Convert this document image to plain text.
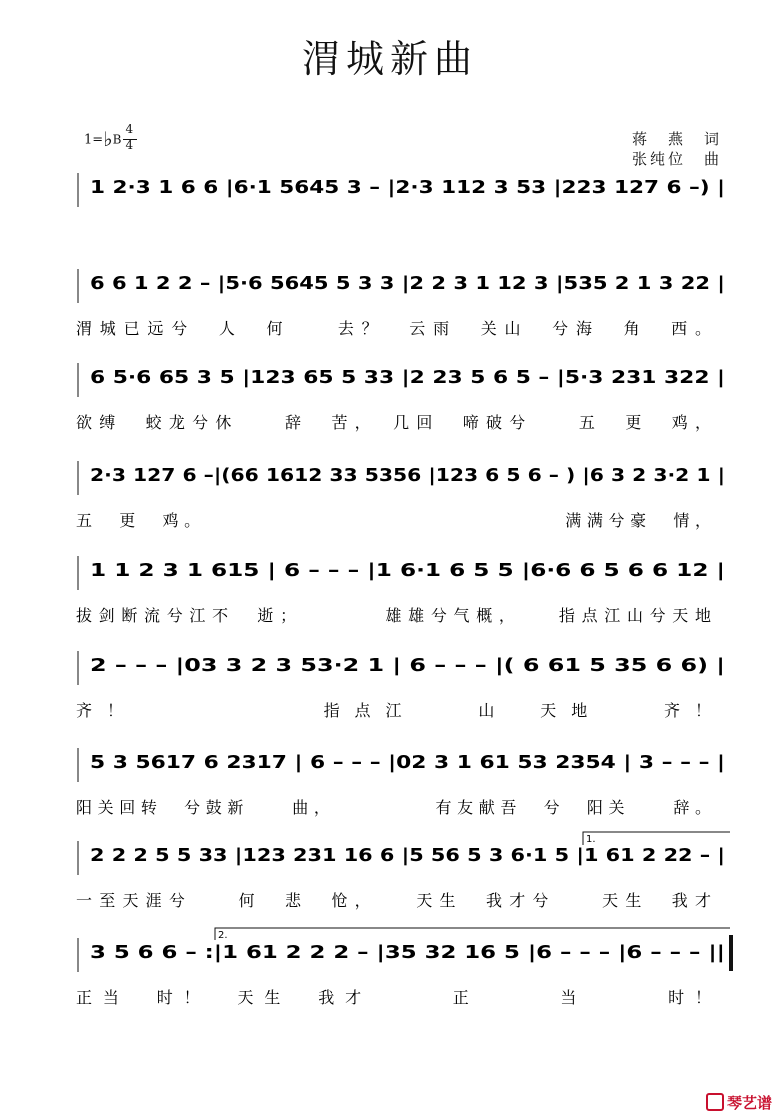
渭城新曲
1=♭B $\frac{4}{4}$	蒋　燕　词
张纯位　曲
1 2·3 1 6 6 |6·1 5645 3 – |2·3 112 3 53 |223 127 6 –) |
6 6 1 2 2 – |5·6 5645 5 3 3 |2 2 3 1 12 3 |535 2 1 3 22 |
渭城已远兮　人　何　　去？　云雨　关山　兮海　角　西。
6 5·6 65 3 5 |123 65 5 33 |2 23 5 6 5 – |5·3 231 322 |
欲缚　蛟龙兮休　　辞　苦，　几回　啼破兮　　五　更　鸡，
2·3 127 6 –|(66 1612 33 5356 |123 6 5 6 – ) |6 3 2 3·2 1 |
五　更　鸡。　　　　　　　　　　　　　　　　　满满兮豪　情，
1 1 2 3 1 615 | 6 – – – |1 6·1 6 5 5 |6·6 6 5 6 6 12 |
拔剑断流兮江不　逝；　　　　雄雄兮气概，　　指点江山兮天地
2 – – – |03 3 2 3 53·2 1 | 6 – – – |( 6 61 5 35 6 6) |
齐！　　　　　　指点江　　山　天地　　齐！
5 3 5617 6 2317 | 6 – – – |02 3 1 61 53 2354 | 3 – – – |
阳关回转　兮鼓新　　曲，　　　　　有友献吾　兮　阳关　　辞。
2 2 2 5 5 33 |123 231 16 6 |5 56 5 3 6·1 5 |1 61 2 22 – |
一至天涯兮　　何　悲　怆，　　天生　我才兮　　天生　我才
3 5 6 6 – :|1 61 2 2 2 – |35 32 16 5 |6 – – – |6 – – – ||
正当　时！　天生　我才　　　正　　　当　　　时！
1.
2.
琴艺谱
